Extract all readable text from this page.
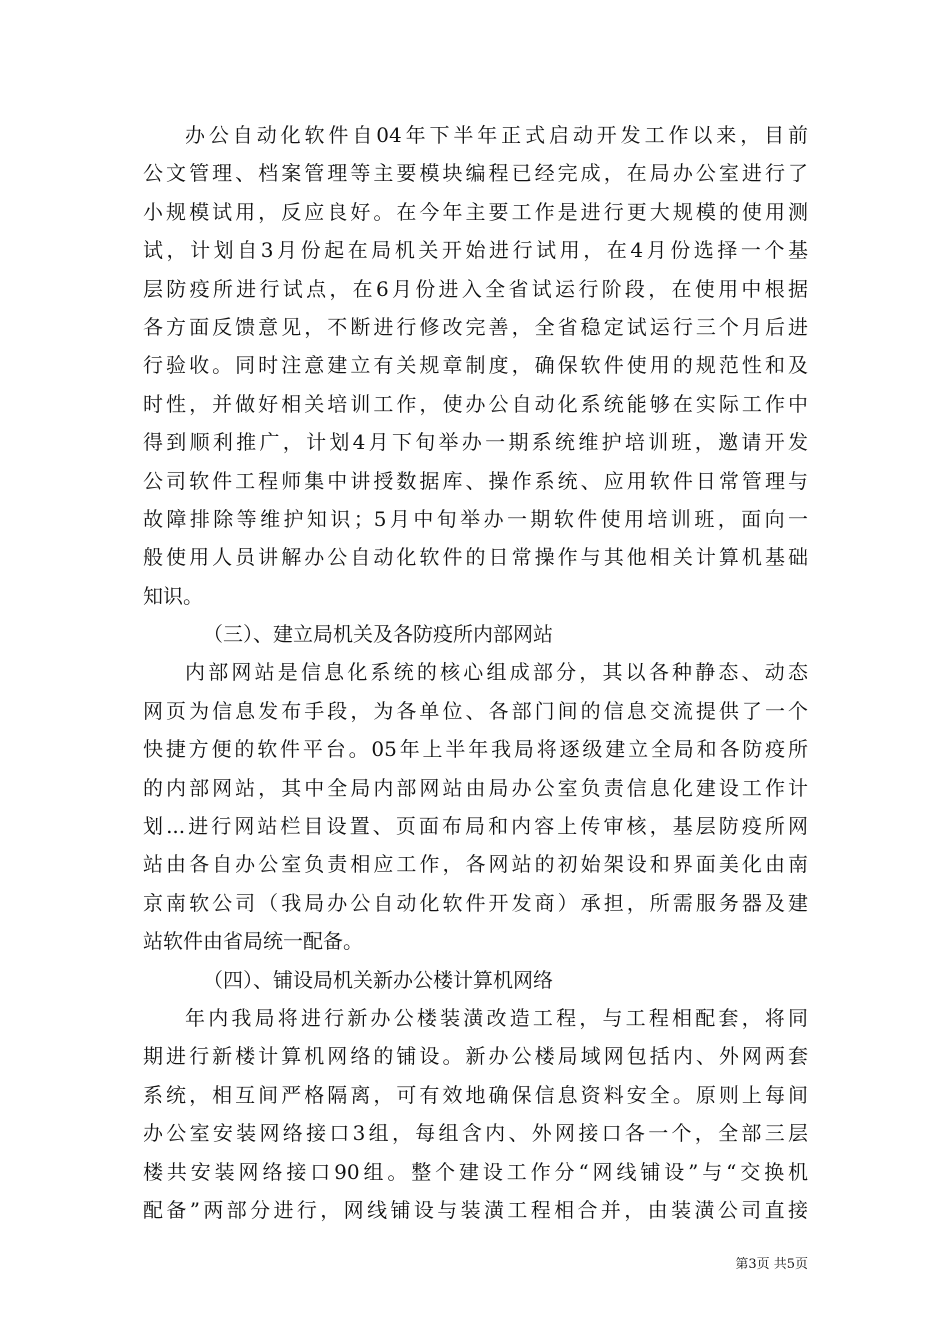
办公自动化软件自04年下半年正式启动开发工作以来，目前
公文管理、档案管理等主要模块编程已经完成，在局办公室进行了
小规模试用，反应良好。在今年主要工作是进行更大规模的使用测
试，计划自3月份起在局机关开始进行试用，在4月份选择一个基
层防疫所进行试点，在6月份进入全省试运行阶段，在使用中根据
各方面反馈意见，不断进行修改完善，全省稳定试运行三个月后进
行验收。同时注意建立有关规章制度，确保软件使用的规范性和及
时性，并做好相关培训工作，使办公自动化系统能够在实际工作中
得到顺利推广，计划4月下旬举办一期系统维护培训班，邀请开发
公司软件工程师集中讲授数据库、操作系统、应用软件日常管理与
故障排除等维护知识；5月中旬举办一期软件使用培训班，面向一
般使用人员讲解办公自动化软件的日常操作与其他相关计算机基础
知识。
（三）、建立局机关及各防疫所内部网站
内部网站是信息化系统的核心组成部分，其以各种静态、动态
网页为信息发布手段，为各单位、各部门间的信息交流提供了一个
快捷方便的软件平台。05年上半年我局将逐级建立全局和各防疫所
的内部网站，其中全局内部网站由局办公室负责信息化建设工作计
划...进行网站栏目设置、页面布局和内容上传审核，基层防疫所网
站由各自办公室负责相应工作，各网站的初始架设和界面美化由南
京南软公司（我局办公自动化软件开发商）承担，所需服务器及建
站软件由省局统一配备。
（四）、铺设局机关新办公楼计算机网络
年内我局将进行新办公楼装潢改造工程，与工程相配套，将同
期进行新楼计算机网络的铺设。新办公楼局域网包括内、外网两套
系统，相互间严格隔离，可有效地确保信息资料安全。原则上每间
办公室安装网络接口3组，每组含内、外网接口各一个，全部三层
楼共安装网络接口90组。整个建设工作分“网线铺设”与“交换机
配备”两部分进行，网线铺设与装潢工程相合并，由装潢公司直接
第3页 共5页
